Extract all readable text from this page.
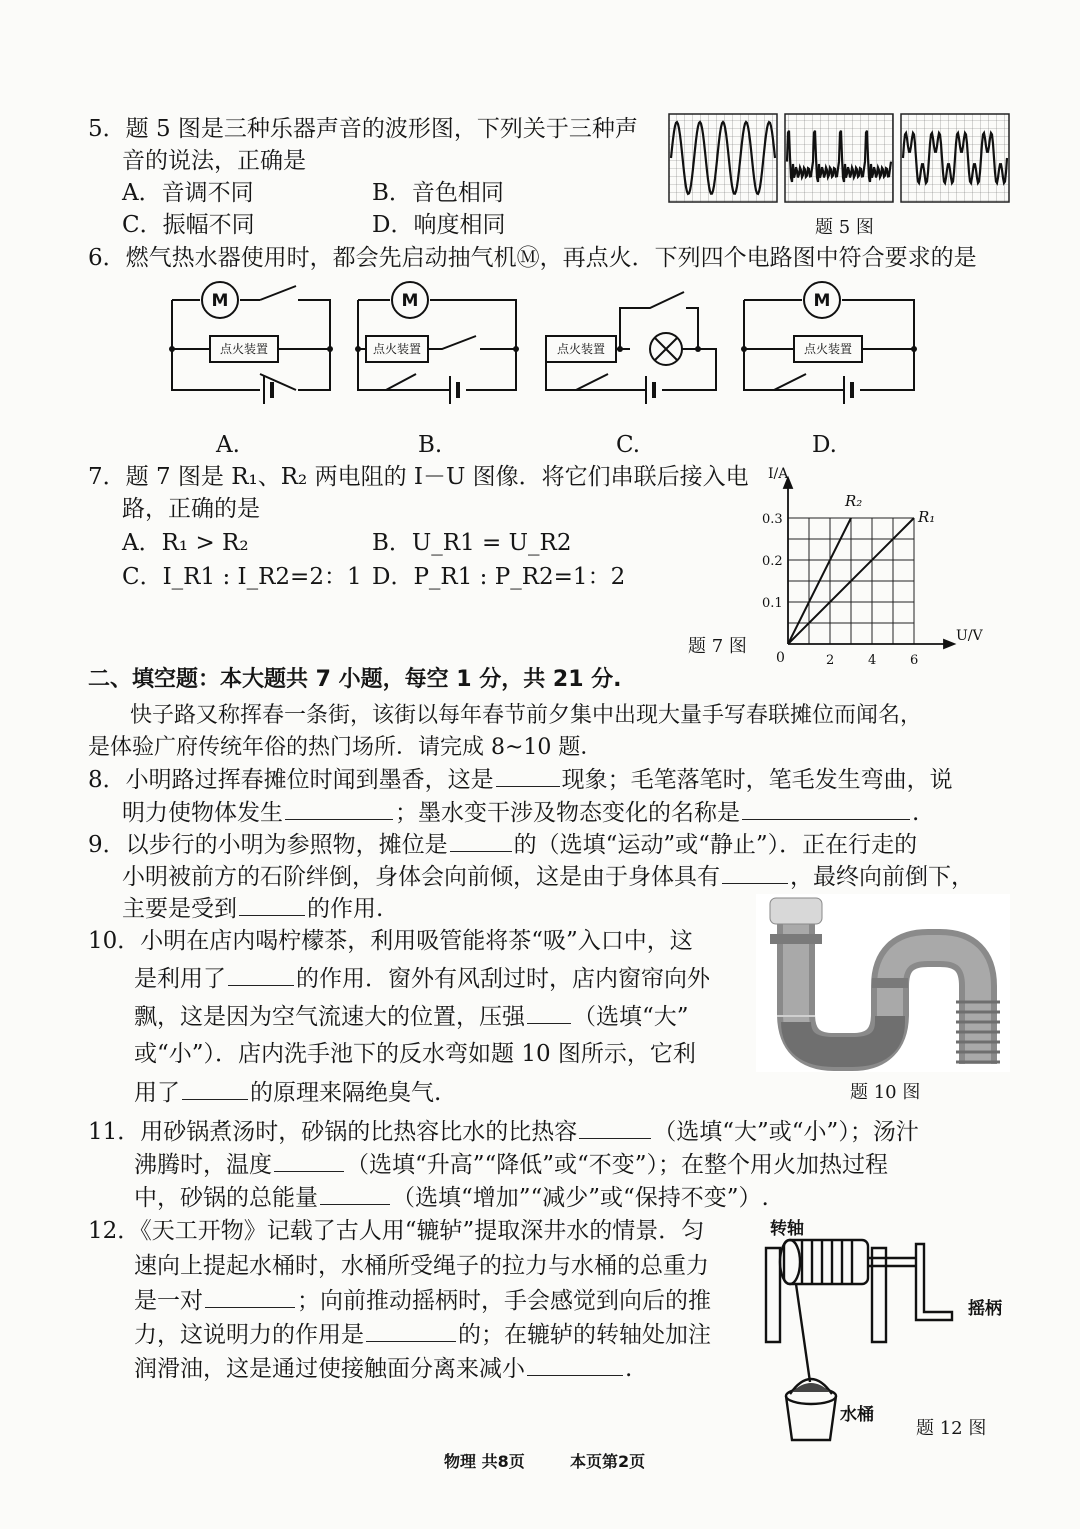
5．题 5 图是三种乐器声音的波形图，下列关于三种声
音的说法，正确是
A．音调不同	B．音色相同
C．振幅不同	D．响度相同	题 5 图
6．燃气热水器使用时，都会先启动抽气机Ⓜ，再点火．下列四个电路图中符合要求的是
M	M	M
点火装置	点火装置	点火装置	点火装置
A.	B.	C.	D.
7．题 7 图是 R₁、R₂ 两电阻的 I－U 图像．将它们串联后接入电
路，正确的是
A．R₁ > R₂	B．U_R1 = U_R2
C．I_R1 : I_R2=2：1 D．P_R1 : P_R2=1：2
题 7 图
I/A
U/V
0
0.1
0.2
0.3
2	4	6
R₂
R₁
二、填空题：本大题共 7 小题，每空 1 分，共 21 分.
快子路又称挥春一条街，该街以每年春节前夕集中出现大量手写春联摊位而闻名，
是体验广府传统年俗的热门场所．请完成 8~10 题．
8．小明路过挥春摊位时闻到墨香，这是	现象；毛笔落笔时，笔毛发生弯曲，说
明力使物体发生	；墨水变干涉及物态变化的名称是	.
9．以步行的小明为参照物，摊位是	的（选填“运动”或“静止”）．正在行走的
小明被前方的石阶绊倒，身体会向前倾，这是由于身体具有	，最终向前倒下，
主要是受到	的作用.
10．小明在店内喝柠檬茶，利用吸管能将茶“吸”入口中，这
是利用了	的作用．窗外有风刮过时，店内窗帘向外
飘，这是因为空气流速大的位置，压强 （选填“大”
或“小”）．店内洗手池下的反水弯如题 10 图所示，它利
用了	的原理来隔绝臭气.	题 10 图
11．用砂锅煮汤时，砂锅的比热容比水的比热容	（选填“大”或“小”）；汤汁
沸腾时，温度	（选填“升高”“降低”或“不变”）；在整个用火加热过程
中，砂锅的总能量	（选填“增加”“减少”或“保持不变”）.
12．《天工开物》记载了古人用“辘轳”提取深井水的情景．匀
速向上提起水桶时，水桶所受绳子的拉力与水桶的总重力
是一对	；向前推动摇柄时，手会感觉到向后的推
力，这说明力的作用是	的；在辘轳的转轴处加注
润滑油，这是通过使接触面分离来减小	.
转轴
摇柄
水桶
题 12 图
物理 共8页	本页第2页
